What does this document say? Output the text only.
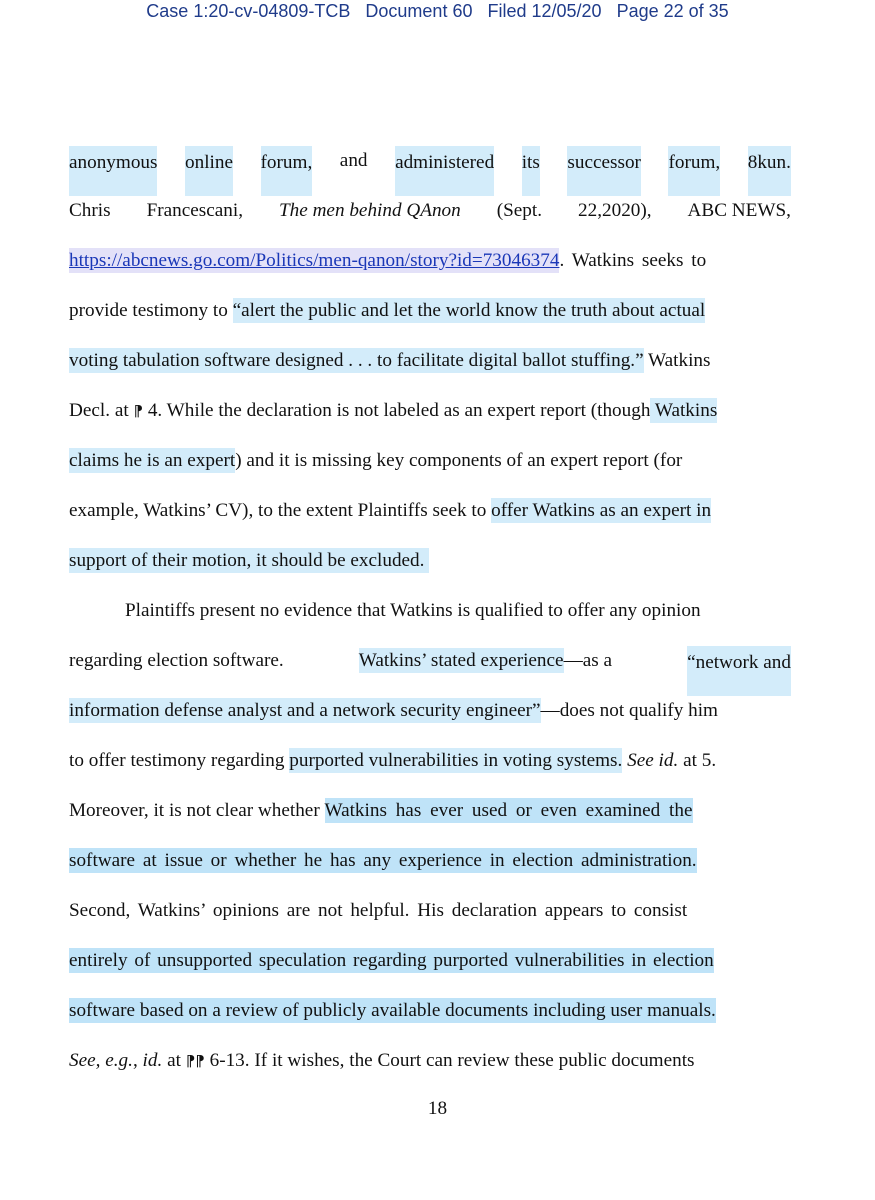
Case 1:20-cv-04809-TCB Document 60 Filed 12/05/20 Page 22 of 35
anonymous online forum, and administered its successor forum, 8kun.
Chris Francescani, The men behind QAnon (Sept. 22,2020), ABC NEWS,
https://abcnews.go.com/Politics/men-qanon/story?id=73046374. Watkins seeks to
provide testimony to “alert the public and let the world know the truth about actual
voting tabulation software designed . . . to facilitate digital ballot stuffing.” Watkins
Decl. at ⁋ 4. While the declaration is not labeled as an expert report (though Watkins
claims he is an expert) and it is missing key components of an expert report (for
example, Watkins’ CV), to the extent Plaintiffs seek to offer Watkins as an expert in
support of their motion, it should be excluded.
Plaintiffs present no evidence that Watkins is qualified to offer any opinion
regarding election software.	Watkins’ stated experience—as a	“network and
information defense analyst and a network security engineer”—does not qualify him
to offer testimony regarding purported vulnerabilities in voting systems. See id. at 5.
Moreover, it is not clear whether Watkins has ever used or even examined the
software at issue or whether he has any experience in election administration.
Second, Watkins’ opinions are not helpful. His declaration appears to consist
entirely of unsupported speculation regarding purported vulnerabilities in election
software based on a review of publicly available documents including user manuals.
See, e.g., id. at ⁋⁋ 6-13. If it wishes, the Court can review these public documents
18
